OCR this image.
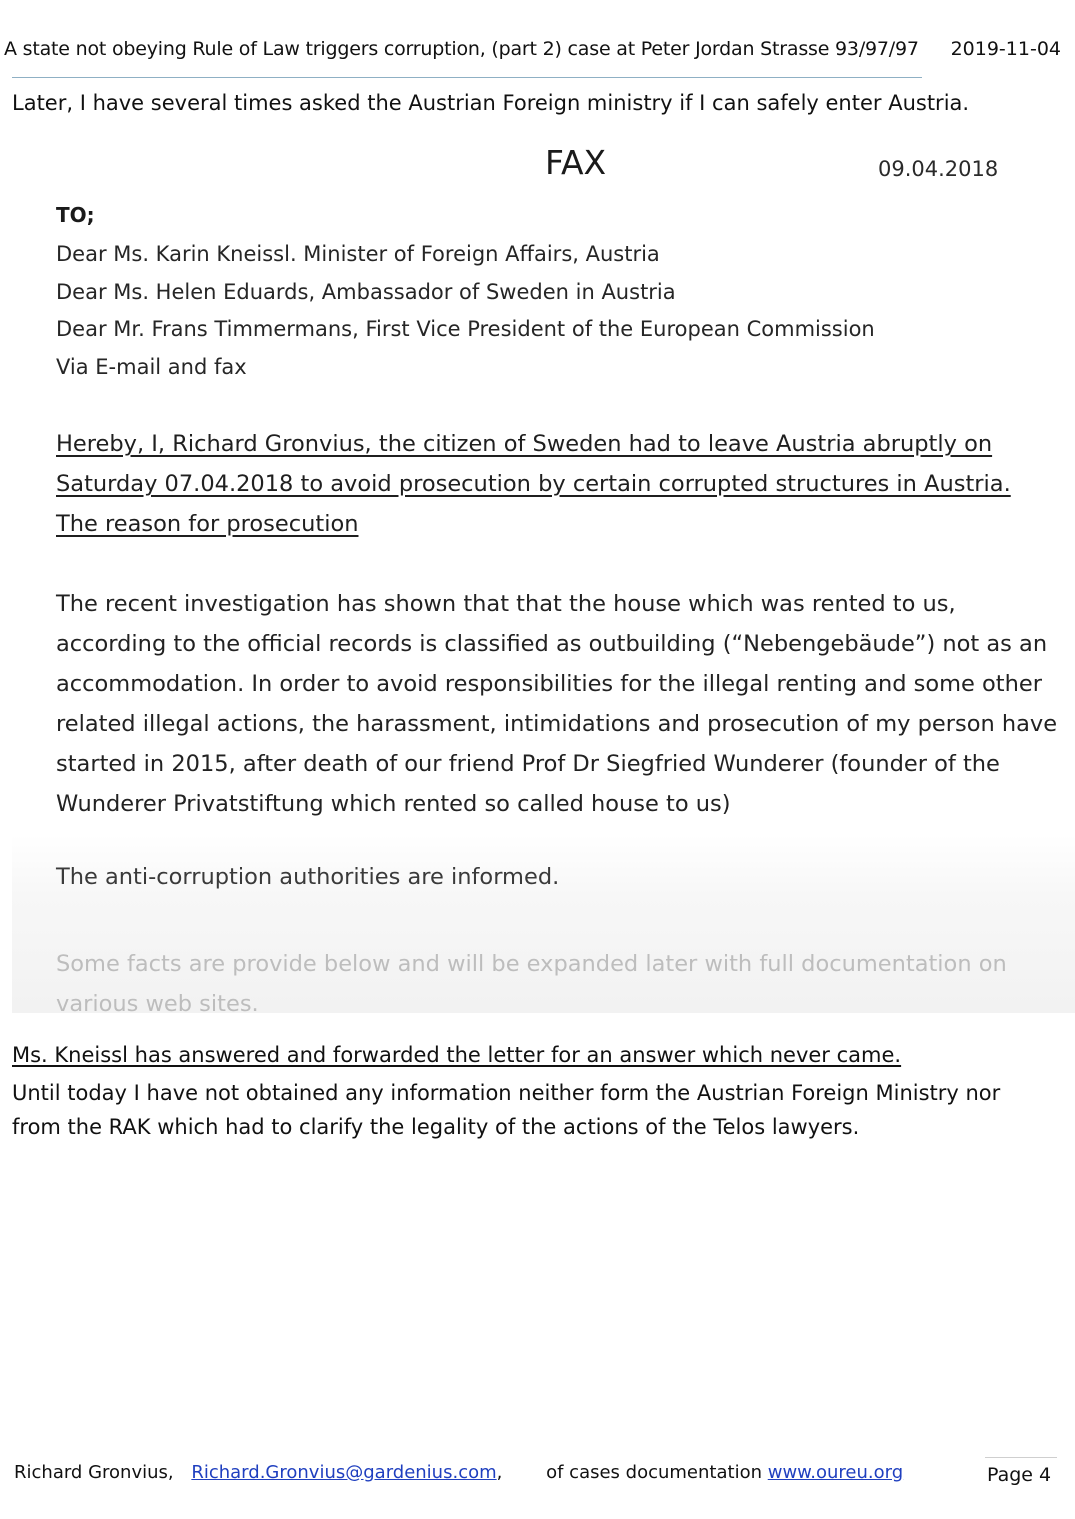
A state not obeying Rule of Law triggers corruption, (part 2) case at Peter Jordan Strasse 93/97/97 2019-11-04
Later, I have several times asked the Austrian Foreign ministry if I can safely enter Austria.
FAX	09.04.2018
TO;
Dear Ms. Karin Kneissl. Minister of Foreign Affairs, Austria
Dear Ms. Helen Eduards, Ambassador of Sweden in Austria
Dear Mr. Frans Timmermans, First Vice President of the European Commission
Via E-mail and fax
Hereby, I, Richard Gronvius, the citizen of Sweden had to leave Austria abruptly on
Saturday 07.04.2018 to avoid prosecution by certain corrupted structures in Austria.
The reason for prosecution
The recent investigation has shown that that the house which was rented to us,
according to the official records is classified as outbuilding (“Nebengebäude”) not as an
accommodation. In order to avoid responsibilities for the illegal renting and some other
related illegal actions, the harassment, intimidations and prosecution of my person have
started in 2015, after death of our friend Prof Dr Siegfried Wunderer (founder of the
Wunderer Privatstiftung which rented so called house to us)
The anti-corruption authorities are informed.
Some facts are provide below and will be expanded later with full documentation on
various web sites.
Ms. Kneissl has answered and forwarded the letter for an answer which never came.
Until today I have not obtained any information neither form the Austrian Foreign Ministry nor
from the RAK which had to clarify the legality of the actions of the Telos lawyers.
Richard Gronvius, Richard.Gronvius@gardenius.com, of cases documentation www.oureu.org	Page 4
